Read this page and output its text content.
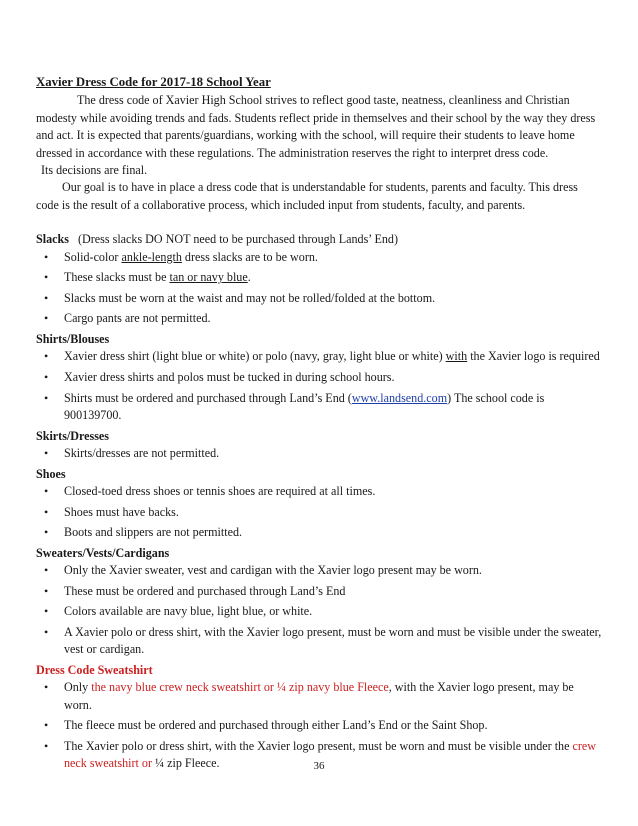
Xavier Dress Code for 2017-18 School Year

The dress code of Xavier High School strives to reflect good taste, neatness, cleanliness and Christian modesty while avoiding trends and fads. Students reflect pride in themselves and their school by the way they dress and act. It is expected that parents/guardians, working with the school, will require their students to leave home dressed in accordance with these regulations. The administration reserves the right to interpret dress code.

Its decisions are final.

Our goal is to have in place a dress code that is understandable for students, parents and faculty. This dress code is the result of a collaborative process, which included input from students, faculty, and parents.

Slacks (Dress slacks DO NOT need to be purchased through Lands’ End)

• Solid-color ankle-length dress slacks are to be worn.
• These slacks must be tan or navy blue.
• Slacks must be worn at the waist and may not be rolled/folded at the bottom.
• Cargo pants are not permitted.

Shirts/Blouses

• Xavier dress shirt (light blue or white) or polo (navy, gray, light blue or white) with the Xavier logo is required
• Xavier dress shirts and polos must be tucked in during school hours.
• Shirts must be ordered and purchased through Land’s End (www.landsend.com) The school code is 900139700.

Skirts/Dresses

• Skirts/dresses are not permitted.

Shoes

• Closed-toed dress shoes or tennis shoes are required at all times.
• Shoes must have backs.
• Boots and slippers are not permitted.

Sweaters/Vests/Cardigans

• Only the Xavier sweater, vest and cardigan with the Xavier logo present may be worn.
• These must be ordered and purchased through Land’s End
• Colors available are navy blue, light blue, or white.
• A Xavier polo or dress shirt, with the Xavier logo present, must be worn and must be visible under the sweater, vest or cardigan.

Dress Code Sweatshirt

• Only the navy blue crew neck sweatshirt or ¼ zip navy blue Fleece, with the Xavier logo present, may be worn.
• The fleece must be ordered and purchased through either Land’s End or the Saint Shop.
• The Xavier polo or dress shirt, with the Xavier logo present, must be worn and must be visible under the crew neck sweatshirt or ¼ zip Fleece.	36
